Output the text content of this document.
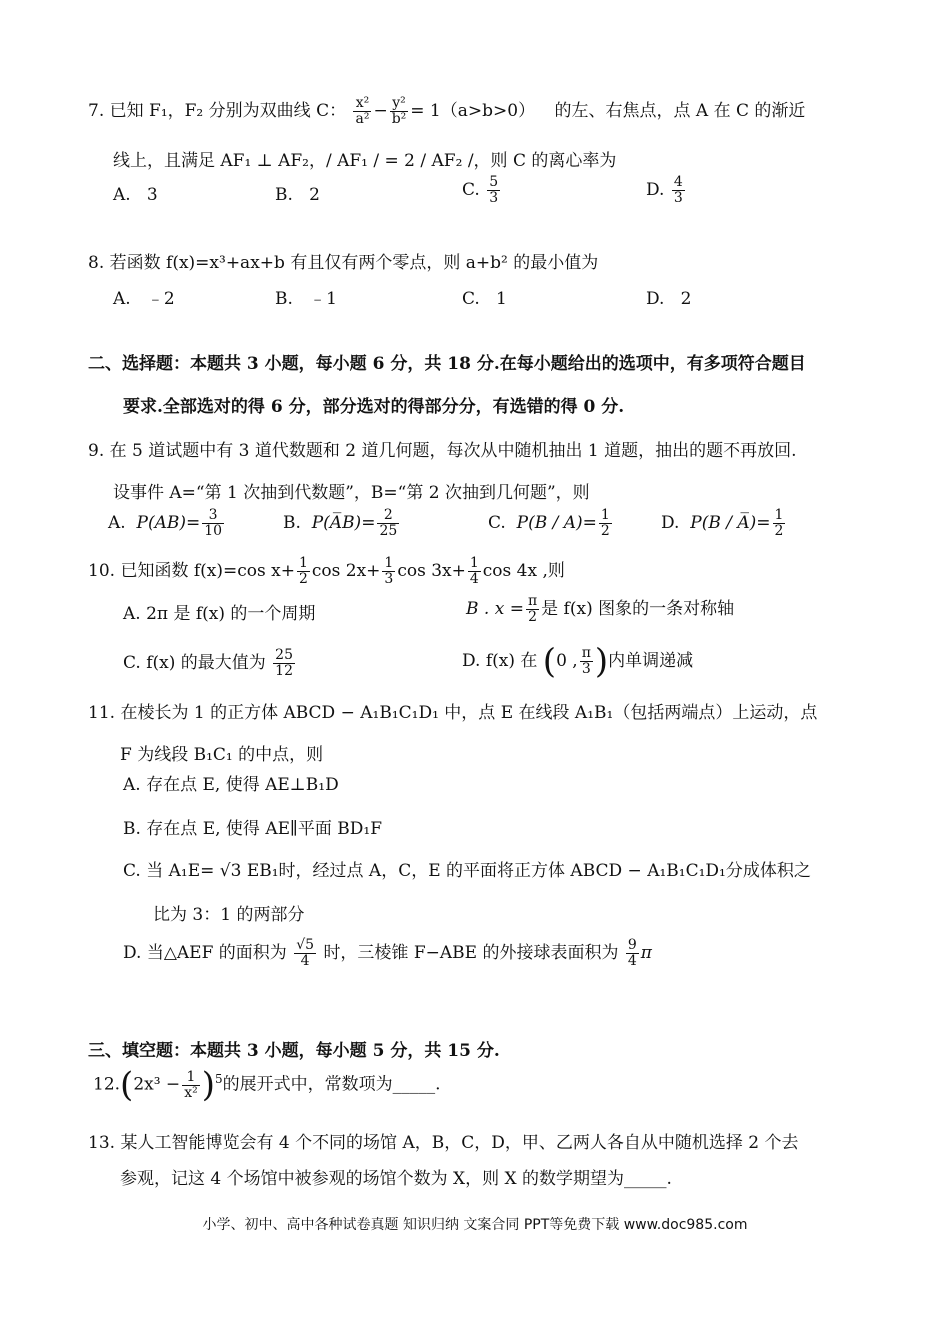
7. 已知 F₁，F₂ 分别为双曲线 C： $\frac{\text{x²}}{\text{a²}} - \frac{\text{y²}}{\text{b²}} = 1(a>b>0)$ 的左、右焦点，点 A 在 C 的渐近
线上，且满足 AF₁ ⊥ AF₂，/ AF₁ / = 2 / AF₂ /，则 C 的离心率为
A. 3	B. 2	C. $\frac{5}{3}$	D. $\frac{4}{3}$
8. 若函数 f(x)=x³+ax+b 有且仅有两个零点，则 a+b² 的最小值为
A. ﹣2	B. ﹣1	C. 1	D. 2
二、选择题：本题共 3 小题，每小题 6 分，共 18 分.在每小题给出的选项中，有多项符合题目
要求.全部选对的得 6 分，部分选对的得部分分，有选错的得 0 分.
9. 在 5 道试题中有 3 道代数题和 2 道几何题，每次从中随机抽出 1 道题，抽出的题不再放回.
设事件 A=“第 1 次抽到代数题”，B=“第 2 次抽到几何题”，则
A. $P(AB)= \frac{3}{10}$	B. P(A̅B)= $\frac{2}{25}$	C. $P(B / A)= \frac{1}{2}$	D. P(B / A̅)= $\frac{1}{2}$
10. 已知函数 f(x)=cos $x+ \frac{1}{2}$ $\cos 2x+ \frac{1}{3}$ $\cos 3x+ \frac{1}{4}$ cos 4x ,则
A. 2π 是 f(x) 的一个周期	B . $x = \frac{\pi}{2}$ 是 f(x) 图象的一条对称轴
C. f(x) 的最大值为 $\frac{25}{12}$	D. f(x) 在 (0 , $\frac{\pi}{3}$ )内单调递减
11. 在棱长为 1 的正方体 ABCD − A₁B₁C₁D₁ 中，点 E 在线段 A₁B₁（包括两端点）上运动，点
F 为线段 B₁C₁ 的中点，则
A. 存在点 E, 使得 AE⊥B₁D
B. 存在点 E, 使得 AE∥平面 BD₁F
C. 当 A₁E= √3 EB₁时，经过点 A，C，E 的平面将正方体 ABCD − A₁B₁C₁D₁分成体积之
比为 3：1 的两部分
D. 当△AEF 的面积为 $\frac{√5}{4}$ 时，三棱锥 F−ABE 的外接球表面积为 $\frac{9}{4}$ π
三、填空题：本题共 3 小题，每小题 5 分，共 15 分.
$12.(2x^3 - \frac{1}{\text{x²}} )^5$的展开式中，常数项为_____.
13. 某人工智能博览会有 4 个不同的场馆 A，B，C，D，甲、乙两人各自从中随机选择 2 个去
参观，记这 4 个场馆中被参观的场馆个数为 X，则 X 的数学期望为_____.
小学、初中、高中各种试卷真题 知识归纳 文案合同 PPT等免费下载 www.doc985.com
